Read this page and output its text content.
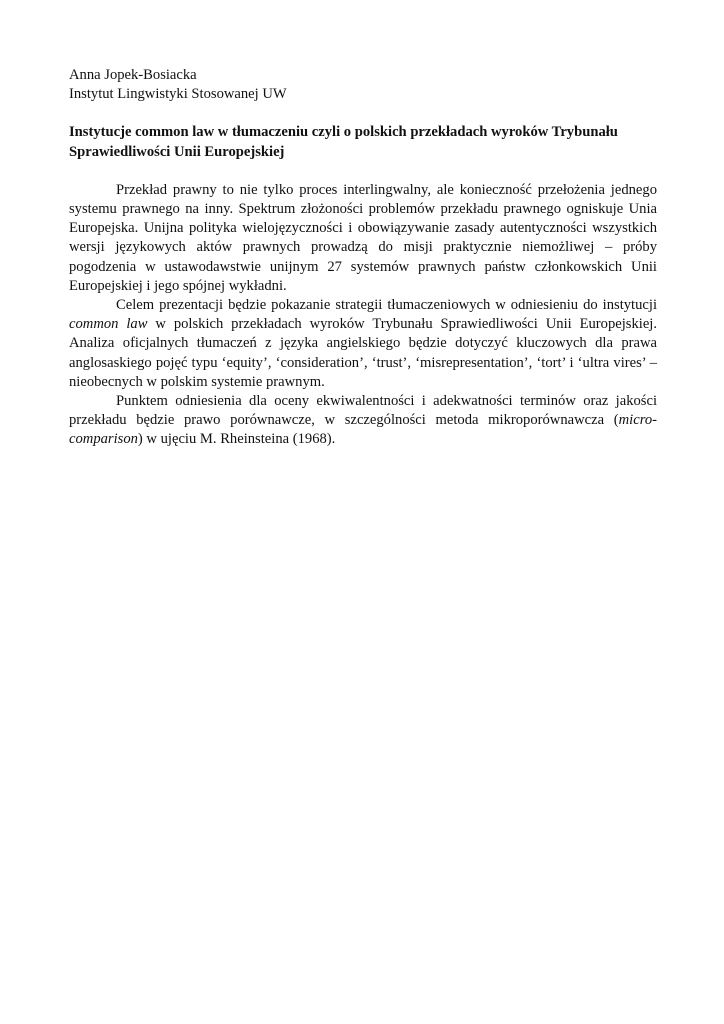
Anna Jopek-Bosiacka
Instytut Lingwistyki Stosowanej UW

Instytucje common law w tłumaczeniu czyli o polskich przekładach wyroków Trybunału Sprawiedliwości Unii Europejskiej

Przekład prawny to nie tylko proces interlingwalny, ale konieczność przełożenia jednego systemu prawnego na inny. Spektrum złożoności problemów przekładu prawnego ogniskuje Unia Europejska. Unijna polityka wielojęzyczności i obowiązywanie zasady autentyczności wszystkich wersji językowych aktów prawnych prowadzą do misji praktycznie niemożliwej – próby pogodzenia w ustawodawstwie unijnym 27 systemów prawnych państw członkowskich Unii Europejskiej i jego spójnej wykładni.

Celem prezentacji będzie pokazanie strategii tłumaczeniowych w odniesieniu do instytucji common law w polskich przekładach wyroków Trybunału Sprawiedliwości Unii Europejskiej. Analiza oficjalnych tłumaczeń z języka angielskiego będzie dotyczyć kluczowych dla prawa anglosaskiego pojęć typu ‘equity’, ‘consideration’, ‘trust’, ‘misrepresentation’, ‘tort’ i ‘ultra vires’ – nieobecnych w polskim systemie prawnym.

Punktem odniesienia dla oceny ekwiwalentności i adekwatności terminów oraz jakości przekładu będzie prawo porównawcze, w szczególności metoda mikroporównawcza (micro-comparison) w ujęciu M. Rheinsteina (1968).
